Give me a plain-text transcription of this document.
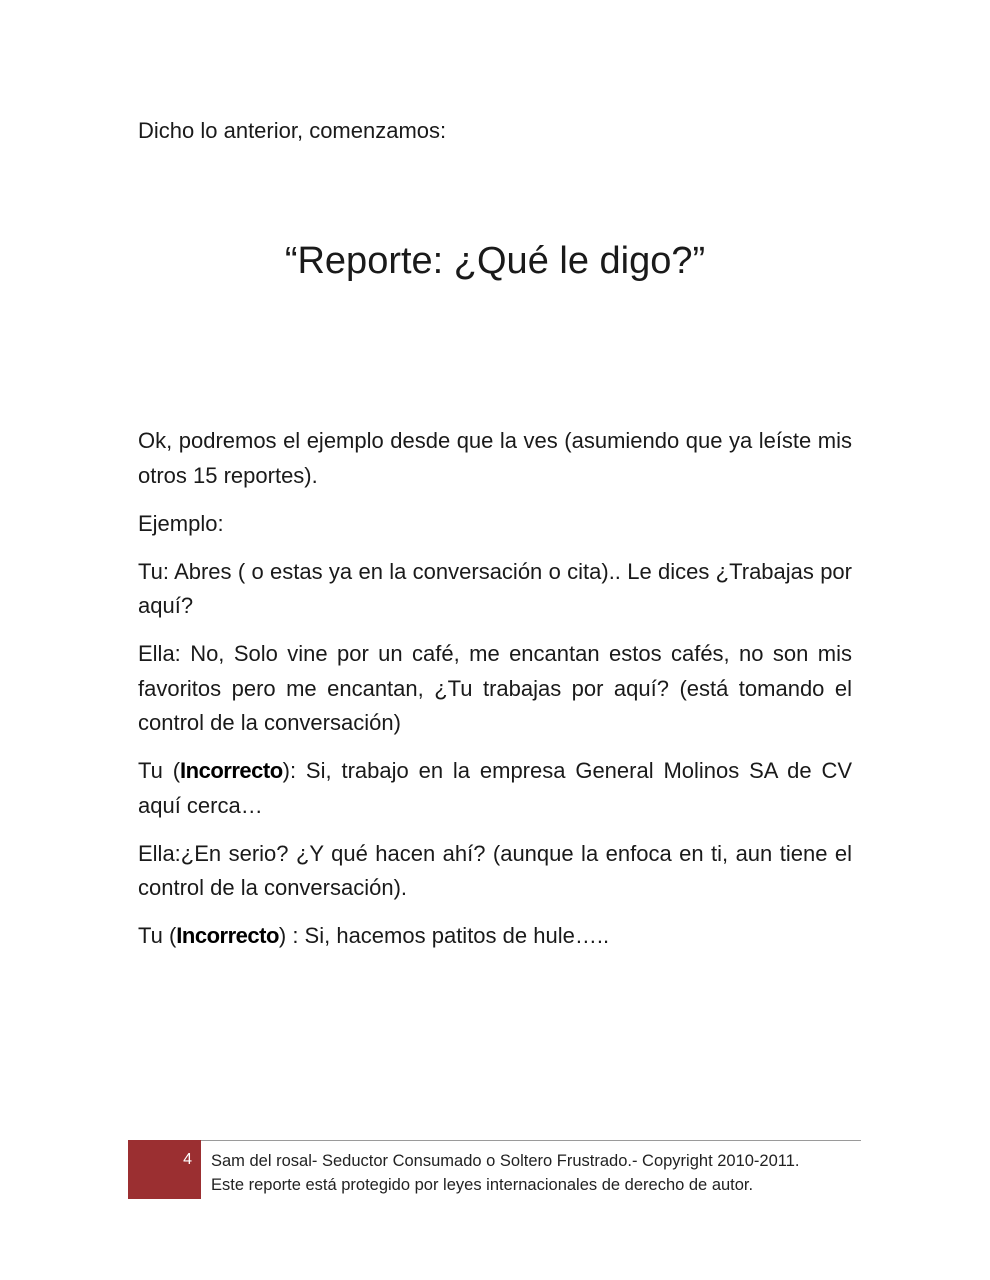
Dicho lo anterior, comenzamos:

“Reporte: ¿Qué le digo?”

Ok, podremos el ejemplo desde que la ves (asumiendo que ya leíste mis otros 15 reportes).

Ejemplo:

Tu: Abres ( o estas ya en la conversación o cita).. Le dices ¿Trabajas por aquí?

Ella: No, Solo vine por un café, me encantan estos cafés, no son mis favoritos pero me encantan, ¿Tu trabajas por aquí? (está tomando el control de la conversación)

Tu (Incorrecto): Si, trabajo en la empresa General Molinos SA de CV aquí cerca…

Ella:¿En serio? ¿Y qué hacen ahí? (aunque la enfoca en ti, aun tiene el control de la conversación).

Tu (Incorrecto) : Si, hacemos patitos de hule…..

4 Sam del rosal- Seductor Consumado o Soltero Frustrado.- Copyright 2010-2011.
Este reporte está protegido por leyes internacionales de derecho de autor.
